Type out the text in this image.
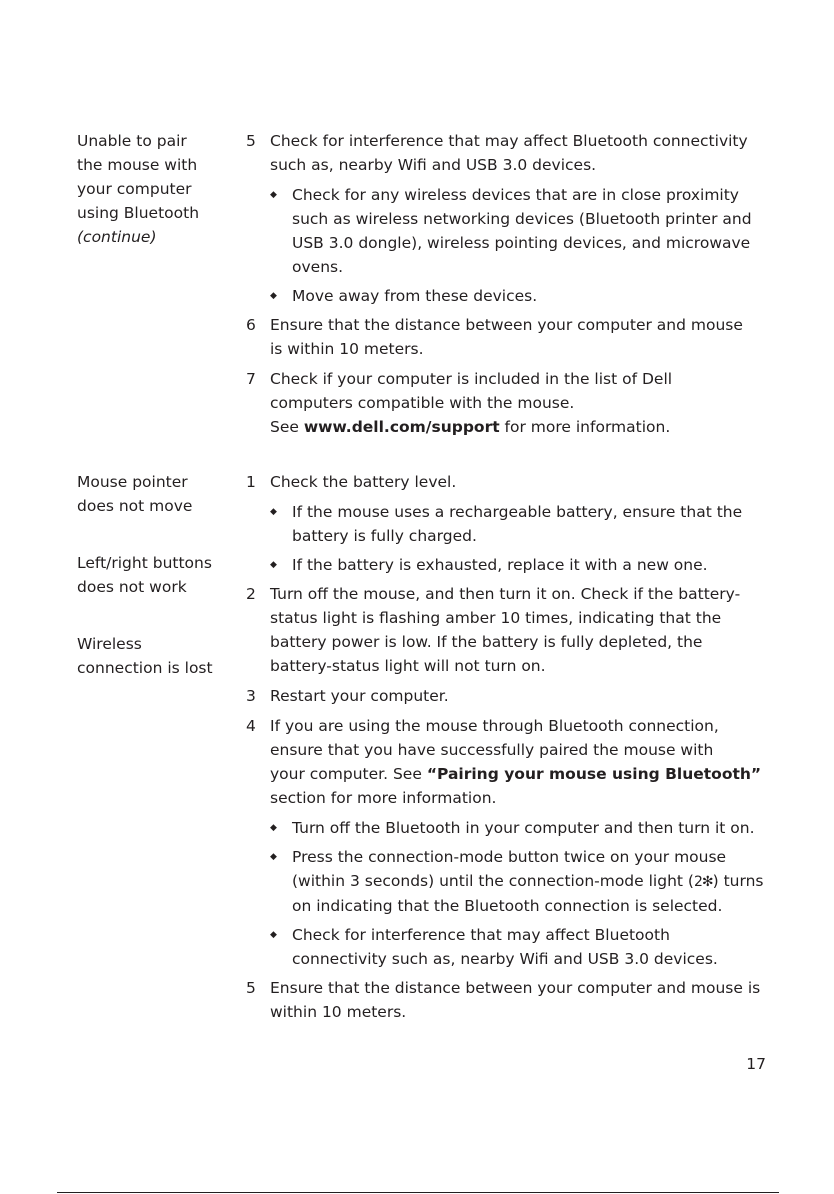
Unable to pair
the mouse with
your computer
using Bluetooth
(continue)
5 Check for interference that may affect Bluetooth connectivity
such as, nearby Wifi and USB 3.0 devices.
◆ Check for any wireless devices that are in close proximity
such as wireless networking devices (Bluetooth printer and
USB 3.0 dongle), wireless pointing devices, and microwave
ovens.
◆ Move away from these devices.
6 Ensure that the distance between your computer and mouse
is within 10 meters.
7 Check if your computer is included in the list of Dell
computers compatible with the mouse.
See www.dell.com/support for more information.
Mouse pointer
does not move
Left/right buttons
does not work
Wireless
connection is lost
1 Check the battery level.
◆ If the mouse uses a rechargeable battery, ensure that the
battery is fully charged.
◆ If the battery is exhausted, replace it with a new one.
2 Turn off the mouse, and then turn it on. Check if the battery-
status light is flashing amber 10 times, indicating that the
battery power is low. If the battery is fully depleted, the
battery-status light will not turn on.
3 Restart your computer.
4 If you are using the mouse through Bluetooth connection,
ensure that you have successfully paired the mouse with
your computer. See “Pairing your mouse using Bluetooth”
section for more information.
◆ Turn off the Bluetooth in your computer and then turn it on.
◆ Press the connection-mode button twice on your mouse
(within 3 seconds) until the connection-mode light (2✻) turns
on indicating that the Bluetooth connection is selected.
◆ Check for interference that may affect Bluetooth
connectivity such as, nearby Wifi and USB 3.0 devices.
5 Ensure that the distance between your computer and mouse is
within 10 meters.
17
